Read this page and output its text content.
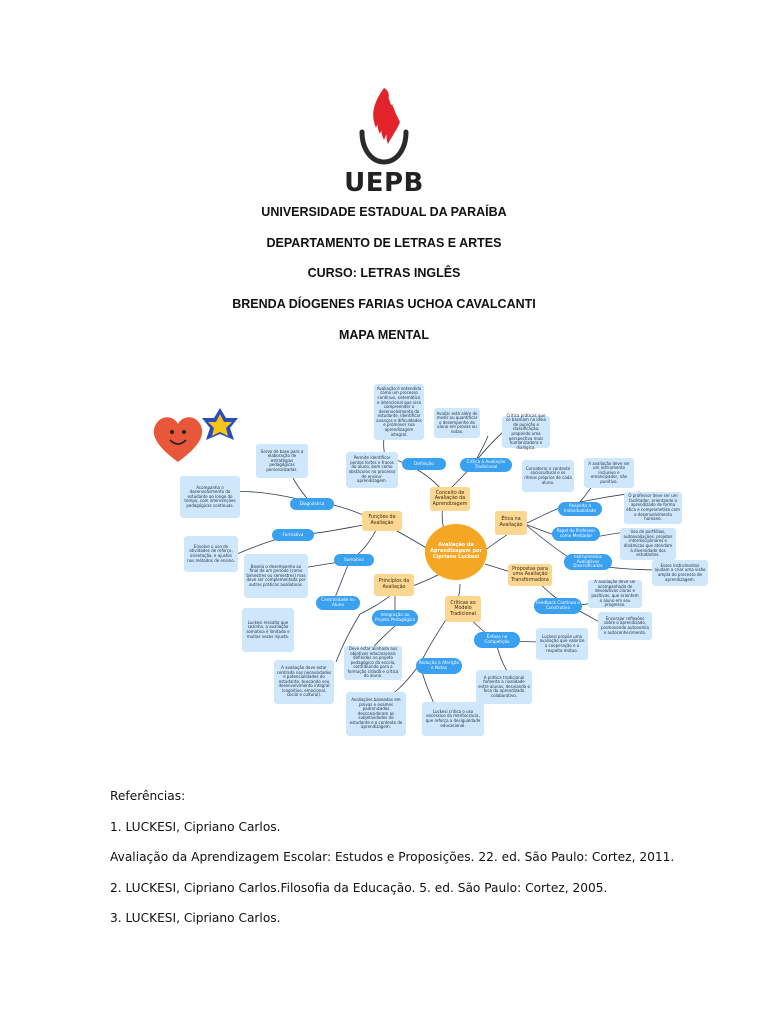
UEPB
UNIVERSIDADE ESTADUAL DA PARAÍBA
DEPARTAMENTO DE LETRAS E ARTES
CURSO: LETRAS INGLÊS
BRENDA DÍOGENES FARIAS UCHOA CAVALCANTI
MAPA MENTAL
Avaliação da Aprendizagem por Cipriano Luckesi
Conceito de Avaliação da Aprendizagem
Funções da Avaliação
Ética na Avaliação
Princípios da Avaliação
Críticas ao Modelo Tradicional
Propostas para uma Avaliação Transformadora
Definição	Crítica à Avaliação Tradicional
Diagnóstica
Formativa
Somativa
Respeito à Individualidade
Papel do Professor como Mediador
Instrumentos Avaliativos Diversificados
Centralidade no Aluno
Integração ao Projeto Pedagógico
Redução à Aferição e Notas
Ênfase na Competição
Feedback Contínuo e Construtivo
Avaliação é entendida como um processo contínuo, sistemático e intencional que visa compreender o desenvolvimento do estudante, identificar avanços e dificuldades e promover sua aprendizagem integral.
Avaliar está além de medir ou quantificar o desempenho do aluno em provas ou notas.
Critica práticas que se baseiam na ideia de punição e classificação, propondo uma perspectiva mais humanizadora e dialógica.
Permite identificar pontos fortes e fracos do aluno, bem como obstáculos no processo de ensino-aprendizagem.
Serve de base para a elaboração de estratégias pedagógicas personalizadas.
Acompanha o desenvolvimento do estudante ao longo do tempo, com intervenções pedagógicas contínuas.
Envolve o uso de atividades de reforço, orientação, e ajustes nos métodos de ensino.
Baseia o desempenho ao final de um período (como bimestres ou semestres) mas deve ser complementada por outras práticas avaliativas.
Luckesi ressalta que sozinha, a avaliação somativa é limitada e muitas vezes injusta.
A avaliação deve estar centrada nas necessidades e potencialidades do estudante, buscando seu desenvolvimento integral (cognitivo, emocional, social e cultural).
Deve estar alinhada aos objetivos educacionais definidos no projeto pedagógico da escola, contribuindo para a formação cidadã e crítica do aluno.
Avaliações baseadas em provas e exames padronizados desconsideram as subjetividades do estudante e o contexto de aprendizagem.
Luckesi critica o uso excessivo da meritocracia, que reforça a desigualdade educacional.
A prática tradicional fomenta a rivalidade entre alunos, desviando o foco do aprendizado colaborativo.
Luckesi propõe uma avaliação que valorize a cooperação e o respeito mútuo.
Considerar o contexto sociocultural e os ritmos próprios de cada aluno.
A avaliação deve ser um instrumento inclusivo e emancipador, não punitivo.
O professor deve ser um facilitador, orientando o aprendizado de forma ética e comprometida com o desenvolvimento humano.
Uso de portfólios, autoavaliações, projetos interdisciplinares e dinâmicas que atendam à diversidade dos estudantes.
Esses instrumentos ajudam a criar uma visão ampla do processo de aprendizagem.
A avaliação deve ser acompanhada de devolutivas claras e positivas, que orientem o aluno em seu progresso.
Encorajar reflexões sobre o aprendizado, promovendo autonomia e autoconhecimento.
Referências:
1. LUCKESI, Cipriano Carlos.
Avaliação da Aprendizagem Escolar: Estudos e Proposições. 22. ed. São Paulo: Cortez, 2011.
2. LUCKESI, Cipriano Carlos.Filosofia da Educação. 5. ed. São Paulo: Cortez, 2005.
3. LUCKESI, Cipriano Carlos.
